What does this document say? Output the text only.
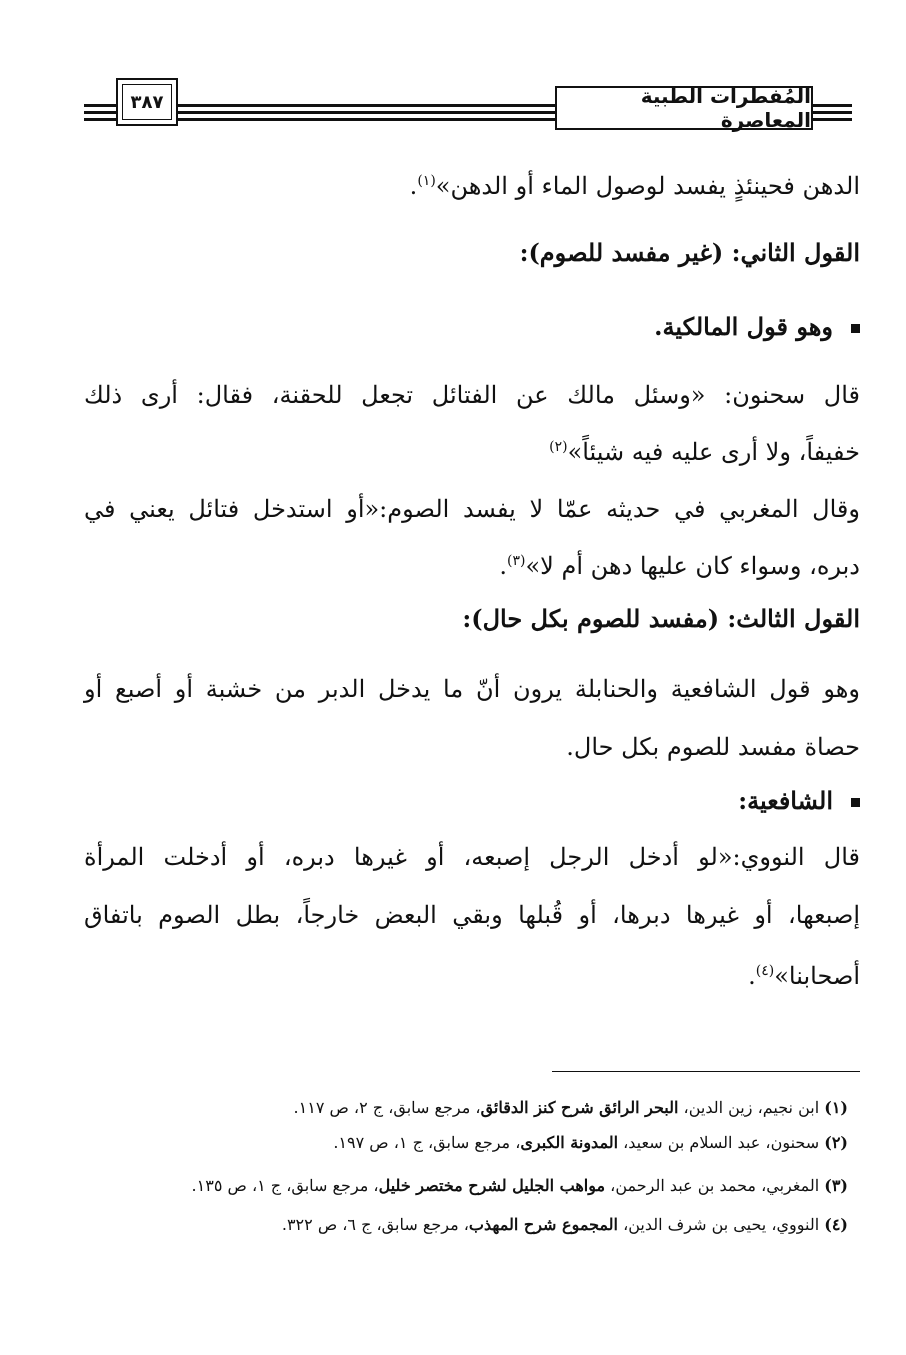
المُفطرات الطبية المعاصرة
٣٨٧
الدهن فحينئذٍ يفسد لوصول الماء أو الدهن»$^{(١)}$.
القول الثاني: (غير مفسد للصوم):
وهو قول المالكية.
قال سحنون: «وسئل مالك عن الفتائل تجعل للحقنة، فقال: أرى ذلك
خفيفاً، ولا أرى عليه فيه شيئاً»$^{(٢)}$
وقال المغربي في حديثه عمّا لا يفسد الصوم:«أو استدخل فتائل يعني في
دبره، وسواء كان عليها دهن أم لا»$^{(٣)}$.
القول الثالث: (مفسد للصوم بكل حال):
وهو قول الشافعية والحنابلة يرون أنّ ما يدخل الدبر من خشبة أو أصبع أو
حصاة مفسد للصوم بكل حال.
الشافعية:
قال النووي:«لو أدخل الرجل إصبعه، أو غيرها دبره، أو أدخلت المرأة
إصبعها، أو غيرها دبرها، أو قُبلها وبقي البعض خارجاً، بطل الصوم باتفاق
أصحابنا»$^{(٤)}$.
(١) ابن نجيم، زين الدين، البحر الرائق شرح كنز الدقائق، مرجع سابق، ج ٢، ص ١١٧.
(٢) سحنون، عبد السلام بن سعيد، المدونة الكبرى، مرجع سابق، ج ١، ص ١٩٧.
(٣) المغربي، محمد بن عبد الرحمن، مواهب الجليل لشرح مختصر خليل، مرجع سابق، ج ١، ص ١٣٥.
(٤) النووي، يحيى بن شرف الدين، المجموع شرح المهذب، مرجع سابق، ج ٦، ص ٣٢٢.
